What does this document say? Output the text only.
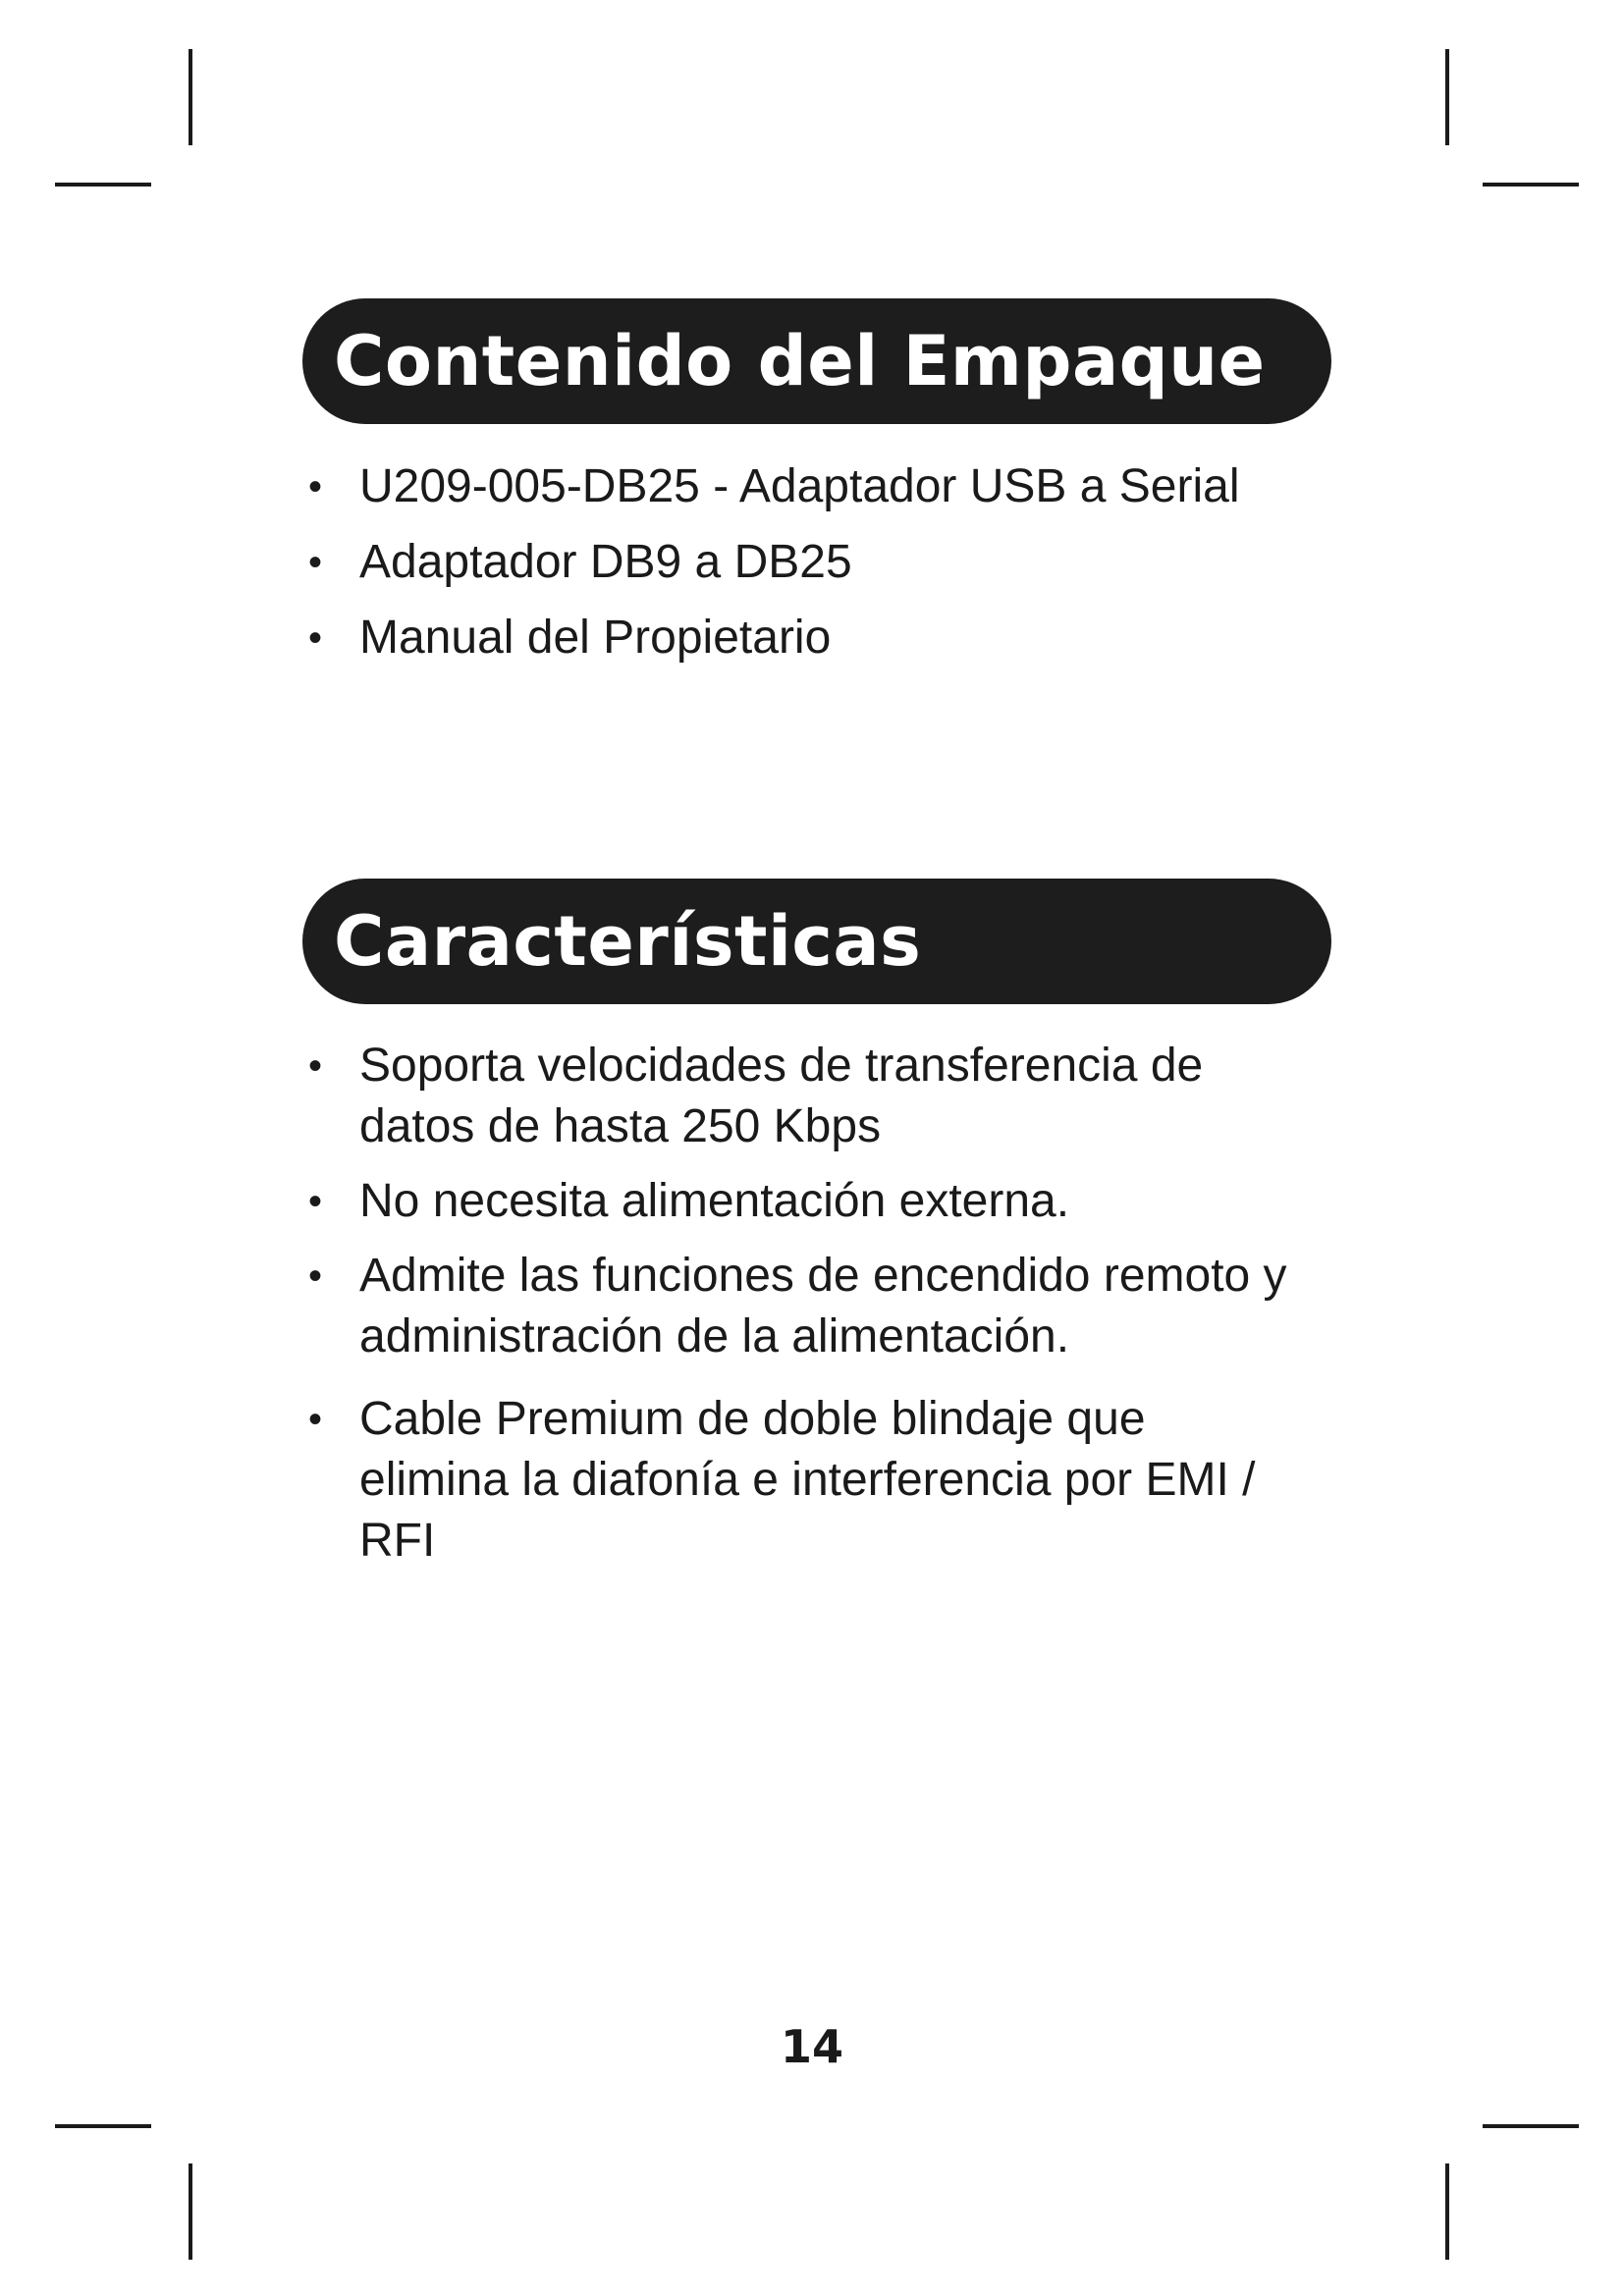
Contenido del Empaque
• U209-005-DB25 - Adaptador USB a Serial
• Adaptador DB9 a DB25
• Manual del Propietario
Características
• Soporta velocidades de transferencia de datos de hasta 250 Kbps
• No necesita alimentación externa.
• Admite las funciones de encendido remoto y administración de la alimentación.
• Cable Premium de doble blindaje que elimina la diafonía e interferencia por EMI / RFI
14
